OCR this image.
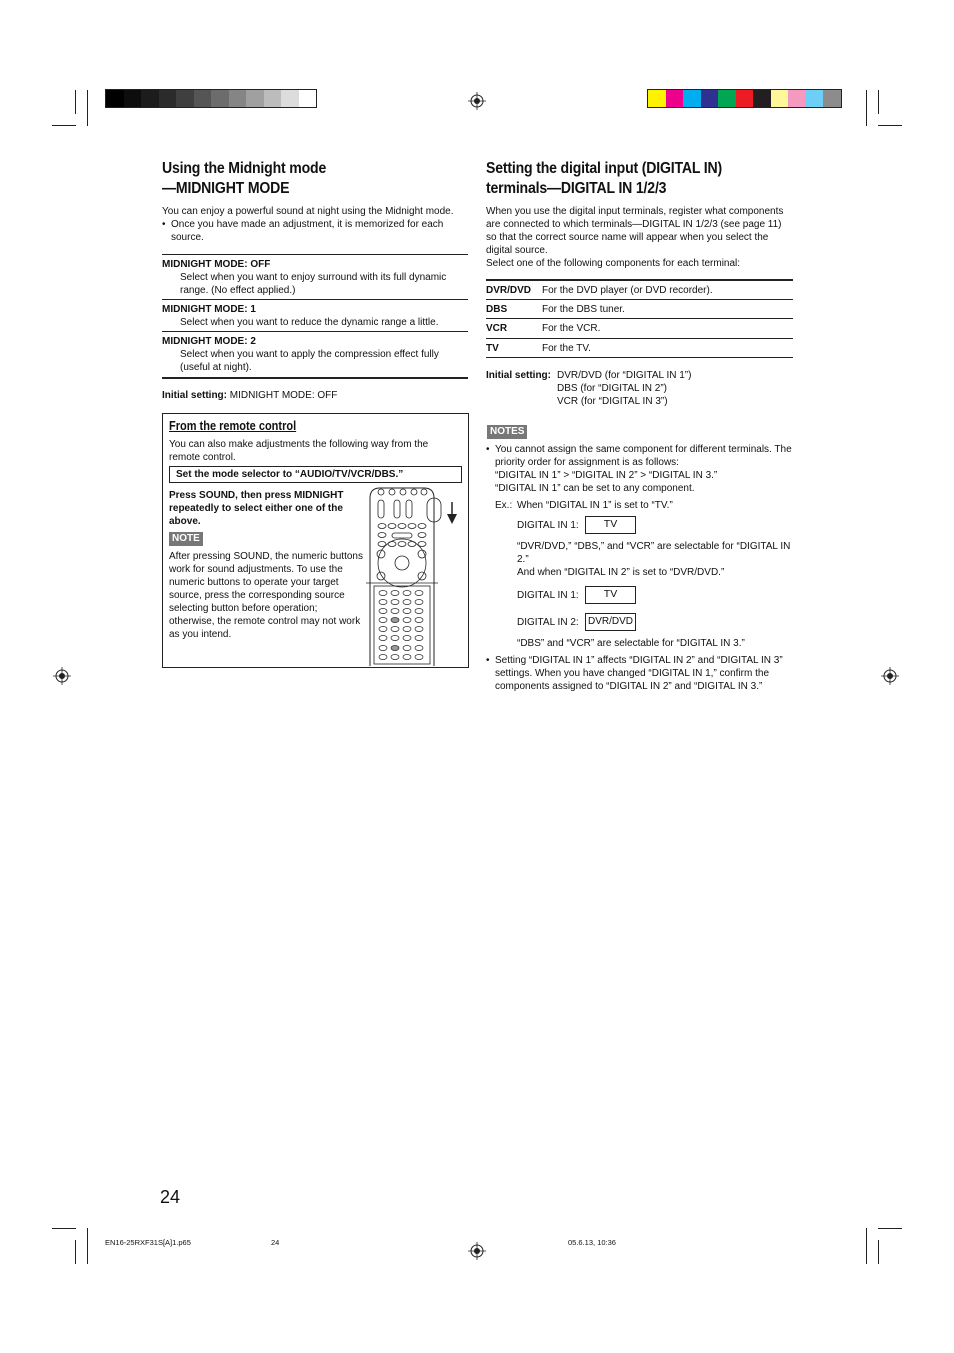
Using the Midnight mode
—MIDNIGHT MODE
You can enjoy a powerful sound at night using the Midnight mode.
• Once you have made an adjustment, it is memorized for each source.
MIDNIGHT MODE: OFF
Select when you want to enjoy surround with its full dynamic range. (No effect applied.)
MIDNIGHT MODE: 1
Select when you want to reduce the dynamic range a little.
MIDNIGHT MODE: 2
Select when you want to apply the compression effect fully (useful at night).
Initial setting: MIDNIGHT MODE: OFF
From the remote control
You can also make adjustments the following way from the remote control.
Set the mode selector to “AUDIO/TV/VCR/DBS.”
Press SOUND, then press MIDNIGHT repeatedly to select either one of the above.
NOTE
After pressing SOUND, the numeric buttons work for sound adjustments. To use the numeric buttons to operate your target source, press the corresponding source selecting button before operation; otherwise, the remote control may not work as you intend.
Setting the digital input (DIGITAL IN)
terminals—DIGITAL IN 1/2/3
When you use the digital input terminals, register what components are connected to which terminals—DIGITAL IN 1/2/3 (see page 11) so that the correct source name will appear when you select the digital source.
Select one of the following components for each terminal:
DVR/DVD For the DVD player (or DVD recorder).
DBS	For the DBS tuner.
VCR	For the VCR.
TV	For the TV.
Initial setting: DVR/DVD (for “DIGITAL IN 1”)
DBS (for “DIGITAL IN 2”)
VCR (for “DIGITAL IN 3”)
NOTES
• You cannot assign the same component for different terminals. The priority order for assignment is as follows:
“DIGITAL IN 1” > “DIGITAL IN 2” > “DIGITAL IN 3.”
“DIGITAL IN 1” can be set to any component.
Ex.: When “DIGITAL IN 1” is set to “TV.”
DIGITAL IN 1:	TV
“DVR/DVD,” “DBS,” and “VCR” are selectable for “DIGITAL IN 2.”
And when “DIGITAL IN 2” is set to “DVR/DVD.”
DIGITAL IN 1:	TV
DIGITAL IN 2: DVR/DVD
“DBS” and “VCR” are selectable for “DIGITAL IN 3.”
• Setting “DIGITAL IN 1” affects “DIGITAL IN 2” and “DIGITAL IN 3” settings. When you have changed “DIGITAL IN 1,” confirm the components assigned to “DIGITAL IN 2” and “DIGITAL IN 3.”
24
EN16-25RXF31S[A]1.p65	24	05.6.13, 10:36
